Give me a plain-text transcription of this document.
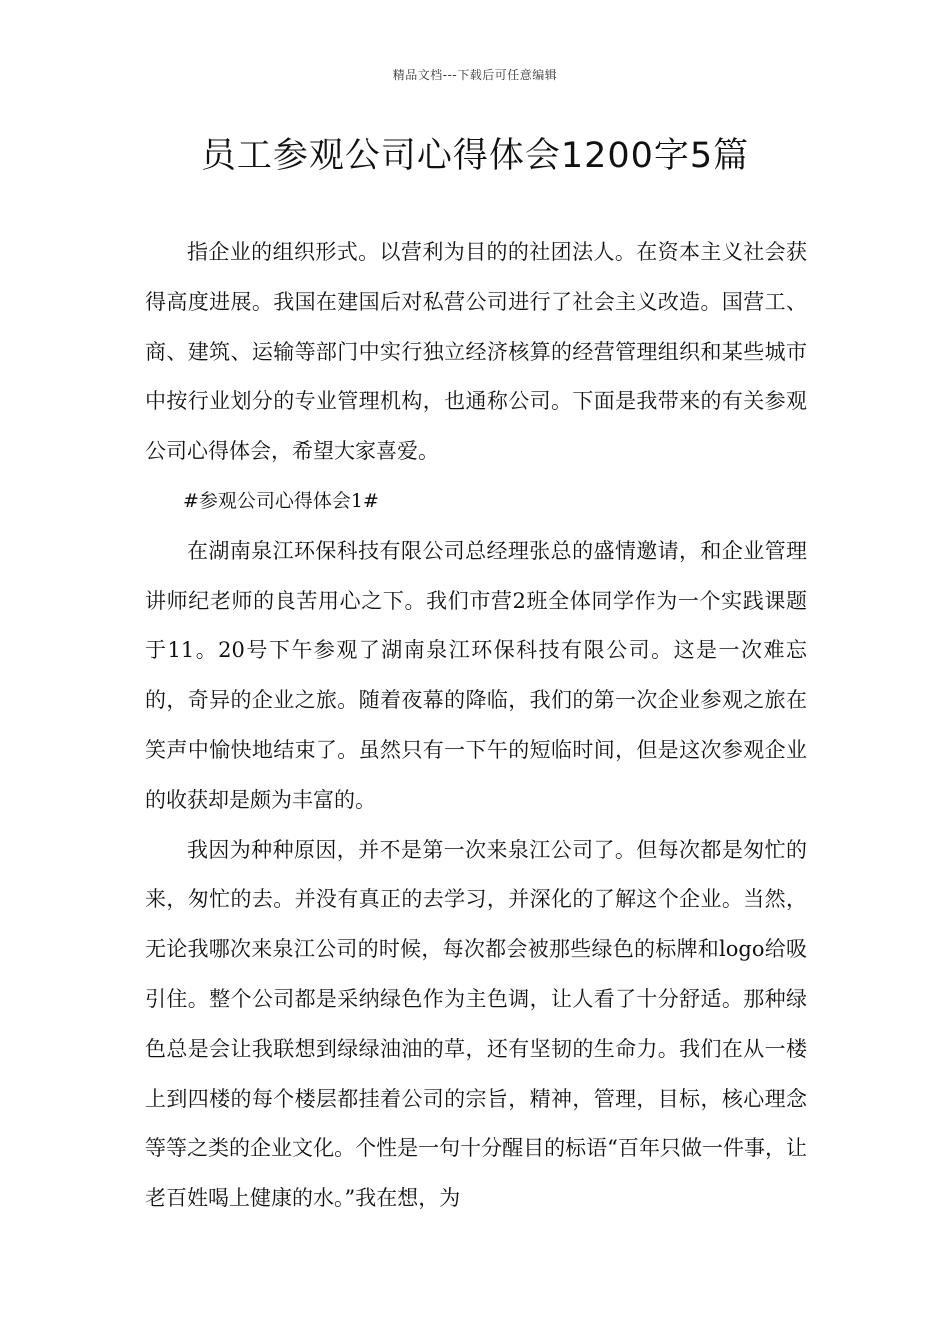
精品文档---下载后可任意编辑
员工参观公司心得体会1200字5篇

指企业的组织形式。以营利为目的的社团法人。在资本主义社会获得高度进展。我国在建国后对私营公司进行了社会主义改造。国营工、商、建筑、运输等部门中实行独立经济核算的经营管理组织和某些城市中按行业划分的专业管理机构，也通称公司。下面是我带来的有关参观公司心得体会，希望大家喜爱。

#参观公司心得体会1#

在湖南泉江环保科技有限公司总经理张总的盛情邀请，和企业管理讲师纪老师的良苦用心之下。我们市营2班全体同学作为一个实践课题于11。20号下午参观了湖南泉江环保科技有限公司。这是一次难忘的，奇异的企业之旅。随着夜幕的降临，我们的第一次企业参观之旅在笑声中愉快地结束了。虽然只有一下午的短临时间，但是这次参观企业的收获却是颇为丰富的。

我因为种种原因，并不是第一次来泉江公司了。但每次都是匆忙的来，匆忙的去。并没有真正的去学习，并深化的了解这个企业。当然，无论我哪次来泉江公司的时候，每次都会被那些绿色的标牌和logo给吸引住。整个公司都是采纳绿色作为主色调，让人看了十分舒适。那种绿色总是会让我联想到绿绿油油的草，还有坚韧的生命力。我们在从一楼上到四楼的每个楼层都挂着公司的宗旨，精神，管理，目标，核心理念等等之类的企业文化。个性是一句十分醒目的标语“百年只做一件事，让老百姓喝上健康的水。”我在想，为
